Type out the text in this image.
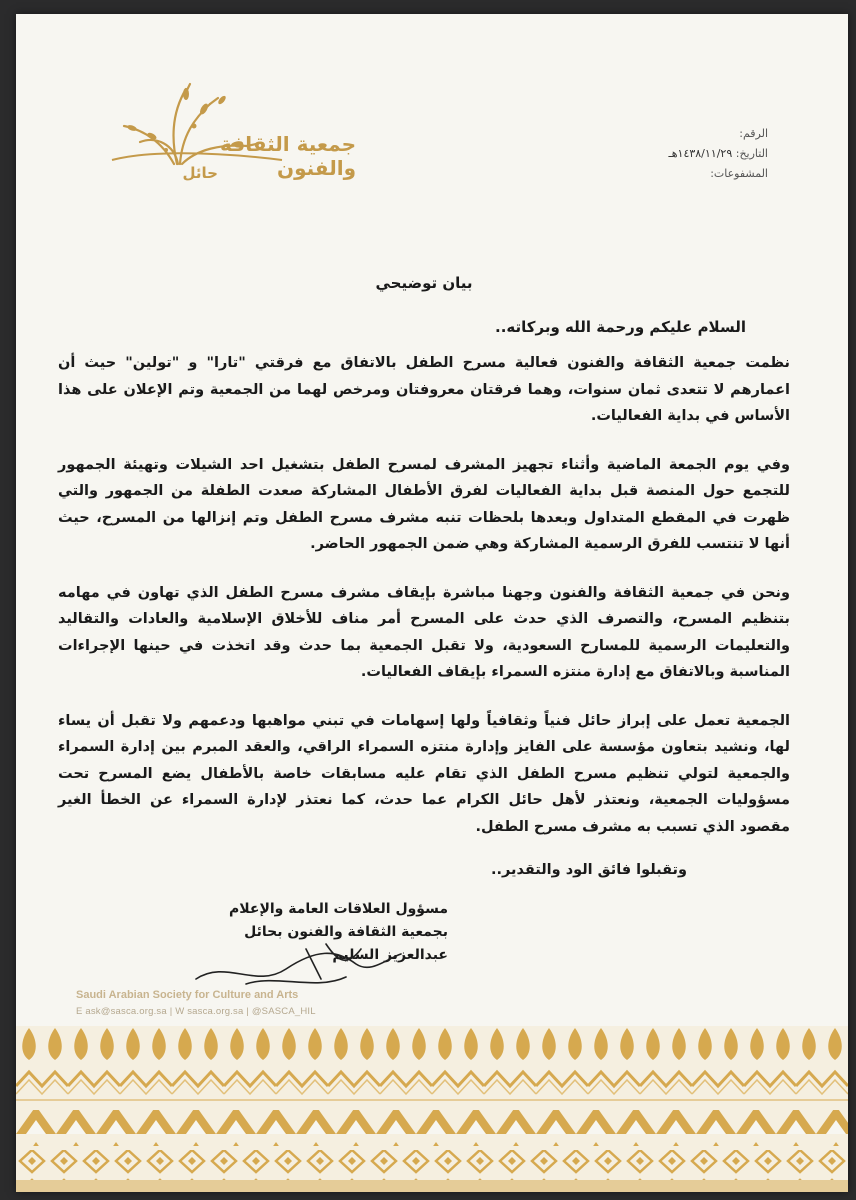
جمعية الثقافة والفنون
حائل
الرقم:
التاريخ: ١٤٣٨/١١/٢٩هـ
المشفوعات:
بيان توضيحي
السلام عليكم ورحمة الله وبركاته..

نظمت جمعية الثقافة والفنون فعالية مسرح الطفل بالاتفاق مع فرقتي "تارا" و "تولين" حيث أن اعمارهم لا تتعدى ثمان سنوات، وهما فرقتان معروفتان ومرخص لهما من الجمعية وتم الإعلان على هذا الأساس في بداية الفعاليات.

وفي يوم الجمعة الماضية وأثناء تجهيز المشرف لمسرح الطفل بتشغيل احد الشيلات وتهيئة الجمهور للتجمع حول المنصة قبل بداية الفعاليات لفرق الأطفال المشاركة صعدت الطفلة من الجمهور والتي ظهرت في المقطع المتداول وبعدها بلحظات تنبه مشرف مسرح الطفل وتم إنزالها من المسرح، حيث أنها لا تنتسب للفرق الرسمية المشاركة وهي ضمن الجمهور الحاضر.

ونحن في جمعية الثقافة والفنون وجهنا مباشرة بإيقاف مشرف مسرح الطفل الذي تهاون في مهامه بتنظيم المسرح، والتصرف الذي حدث على المسرح أمر مناف للأخلاق الإسلامية والعادات والتقاليد والتعليمات الرسمية للمسارح السعودية، ولا تقبل الجمعية بما حدث وقد اتخذت في حينها الإجراءات المناسبة وبالاتفاق مع إدارة منتزه السمراء بإيقاف الفعاليات.

الجمعية تعمل على إبراز حائل فنياً وثقافياً ولها إسهامات في تبني مواهبها ودعمهم ولا تقبل أن يساء لها، ونشيد بتعاون مؤسسة على الفايز وإدارة منتزه السمراء الراقي، والعقد المبرم بين إدارة السمراء والجمعية لتولي تنظيم مسرح الطفل الذي تقام عليه مسابقات خاصة بالأطفال يضع المسرح تحت مسؤوليات الجمعية، ونعتذر لأهل حائل الكرام عما حدث، كما نعتذر لإدارة السمراء عن الخطأ الغير مقصود الذي تسبب به مشرف مسرح الطفل.

وتقبلوا فائق الود والتقدير..
مسؤول العلاقات العامة والإعلام
بجمعية الثقافة والفنون بحائل
عبدالعزيز السليم
Saudi Arabian Society for Culture and Arts
E ask@sasca.org.sa | W sasca.org.sa | @SASCA_HIL
